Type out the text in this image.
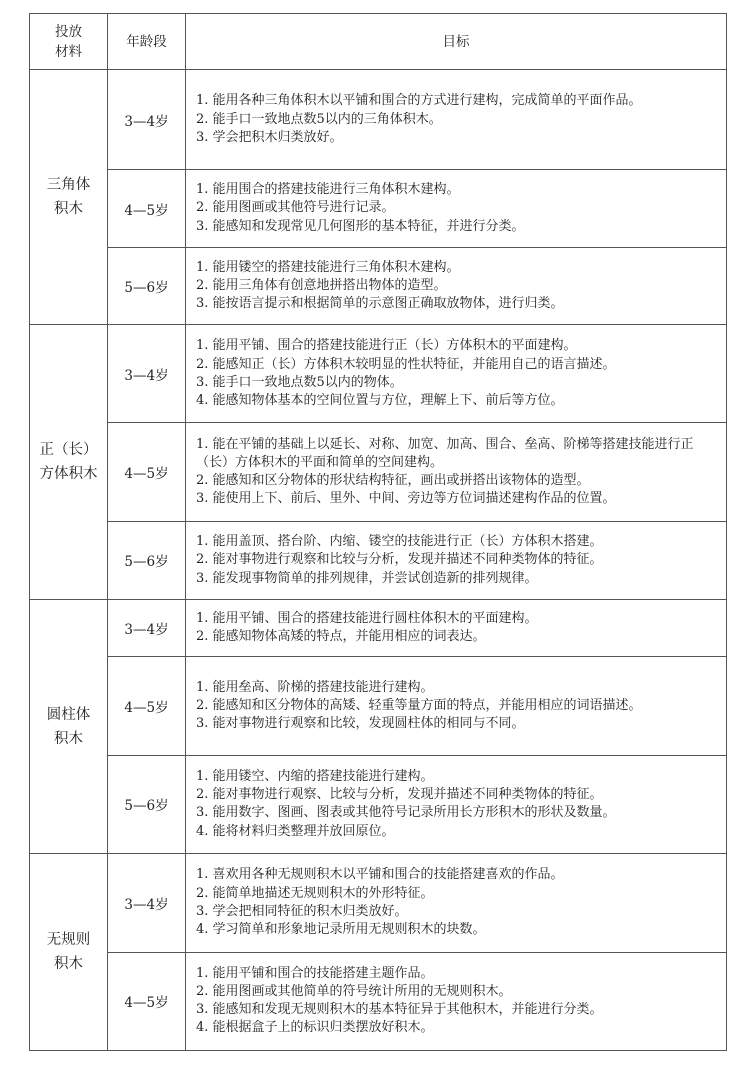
投放材料	年龄段	目标
三角体积木	3—4岁	1. 能用各种三角体积木以平铺和围合的方式进行建构，完成简单的平面作品。
2. 能手口一致地点数5以内的三角体积木。
3. 学会把积木归类放好。

	4—5岁	1. 能用围合的搭建技能进行三角体积木建构。
2. 能用图画或其他符号进行记录。
3. 能感知和发现常见几何图形的基本特征，并进行分类。

	5—6岁	1. 能用镂空的搭建技能进行三角体积木建构。
2. 能用三角体有创意地拼搭出物体的造型。
3. 能按语言提示和根据简单的示意图正确取放物体，进行归类。

正（长）方体积木	3—4岁	1. 能用平铺、围合的搭建技能进行正（长）方体积木的平面建构。
2. 能感知正（长）方体积木较明显的性状特征，并能用自己的语言描述。
3. 能手口一致地点数5以内的物体。
4. 能感知物体基本的空间位置与方位，理解上下、前后等方位。

	4—5岁	1. 能在平铺的基础上以延长、对称、加宽、加高、围合、垒高、阶梯等搭建技能进行正（长）方体积木的平面和简单的空间建构。
2. 能感知和区分物体的形状结构特征，画出或拼搭出该物体的造型。
3. 能使用上下、前后、里外、中间、旁边等方位词描述建构作品的位置。

	5—6岁	1. 能用盖顶、搭台阶、内缩、镂空的技能进行正（长）方体积木搭建。
2. 能对事物进行观察和比较与分析，发现并描述不同种类物体的特征。
3. 能发现事物简单的排列规律，并尝试创造新的排列规律。

圆柱体积木	3—4岁	1. 能用平铺、围合的搭建技能进行圆柱体积木的平面建构。
2. 能感知物体高矮的特点，并能用相应的词表达。

	4—5岁	1. 能用垒高、阶梯的搭建技能进行建构。
2. 能感知和区分物体的高矮、轻重等量方面的特点，并能用相应的词语描述。
3. 能对事物进行观察和比较，发现圆柱体的相同与不同。

	5—6岁	1. 能用镂空、内缩的搭建技能进行建构。
2. 能对事物进行观察、比较与分析，发现并描述不同种类物体的特征。
3. 能用数字、图画、图表或其他符号记录所用长方形积木的形状及数量。
4. 能将材料归类整理并放回原位。

无规则积木	3—4岁	1. 喜欢用各种无规则积木以平铺和围合的技能搭建喜欢的作品。
2. 能简单地描述无规则积木的外形特征。
3. 学会把相同特征的积木归类放好。
4. 学习简单和形象地记录所用无规则积木的块数。

	4—5岁	1. 能用平铺和围合的技能搭建主题作品。
2. 能用图画或其他简单的符号统计所用的无规则积木。
3. 能感知和发现无规则积木的基本特征异于其他积木，并能进行分类。
4. 能根据盒子上的标识归类摆放好积木。
